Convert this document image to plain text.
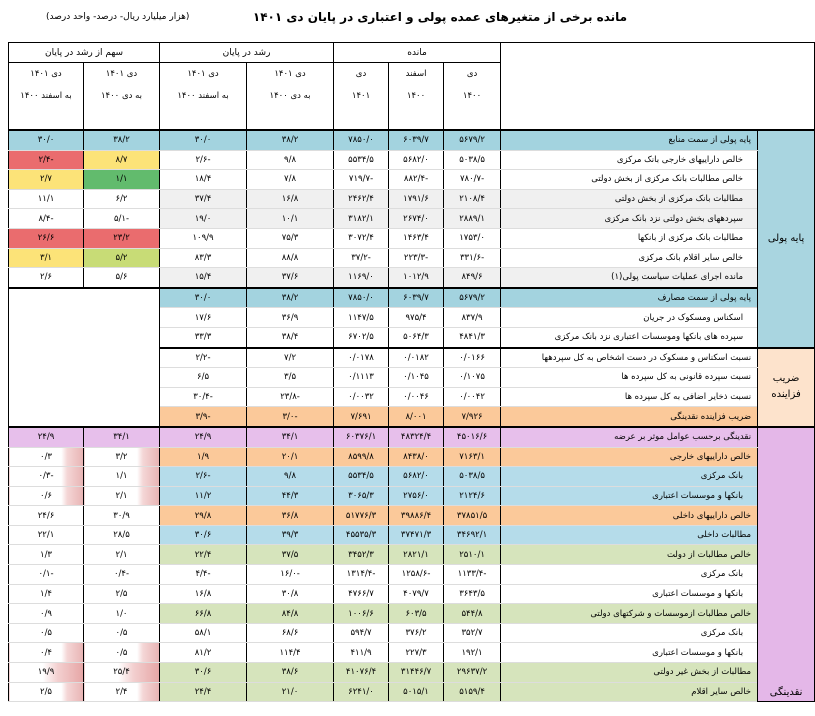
مانده برخی از متغیرهای عمده پولی و اعتباری در پایان دی ۱۴۰۱
(هزار میلیارد ریال- درصد- واحد درصد)
سهم از رشد در پایان		رشد در پایان		مانده				
دی ۱۴۰۱	دی ۱۴۰۱	دی ۱۴۰۱	دی ۱۴۰۱	دی	اسفند	دی		
به اسفند ۱۴۰۰	به دی ۱۴۰۰	به اسفند ۱۴۰۰	به دی ۱۴۰۰	۱۴۰۱	۱۴۰۰	۱۴۰۰		

۳۰/۰	۳۸/۲	۳۰/۰	۳۸/۲	۷۸۵۰/۰	۶۰۳۹/۷	۵۶۷۹/۲	پایه پولی از سمت منابع	پایه پولی
-۲/۴	۸/۷	-۲/۶	۹/۸	۵۵۳۴/۵	۵۶۸۲/۰	۵۰۳۸/۵	خالص داراییهای خارجی بانک مرکزی	
۲/۷	۱/۱	۱۸/۴	۷/۸	-۷۱۹/۷	-۸۸۲/۴	-۷۸۰/۷	خالص مطالبات بانک مرکزی از بخش دولتی	
۱۱/۱	۶/۲	۳۷/۴	۱۶/۸	۲۴۶۲/۴	۱۷۹۱/۶	۲۱۰۸/۴	مطالبات بانک مرکزی از بخش دولتی	
-۸/۴	-۵/۱	۱۹/۰	۱۰/۱	۳۱۸۲/۱	۲۶۷۴/۰	۲۸۸۹/۱	سپردههای بخش دولتی نزد بانک مرکزی	
۲۶/۶	۲۳/۲	۱۰۹/۹	۷۵/۳	۳۰۷۲/۴	۱۴۶۳/۴	۱۷۵۳/۰	مطالبات بانک مرکزی از بانکها	
۳/۱	۵/۲	۸۳/۳	۸۸/۸	-۳۷/۲	-۲۲۳/۳	-۳۳۱/۶	خالص سایر اقلام بانک مرکزی	
۲/۶	۵/۶	۱۵/۴	۳۷/۶	۱۱۶۹/۰	۱۰۱۲/۹	۸۴۹/۶	مانده اجرای عملیات سیاست پولی(۱)	
		۳۰/۰	۳۸/۲	۷۸۵۰/۰	۶۰۳۹/۷	۵۶۷۹/۲	پایه پولی از سمت مصارف	
		۱۷/۶	۳۶/۹	۱۱۴۷/۵	۹۷۵/۴	۸۳۷/۹	اسکناس ومسکوک در جریان	
		۳۳/۳	۳۸/۴	۶۷۰۲/۵	۵۰۶۴/۳	۴۸۴۱/۳	سپرده های بانکها وموسسات اعتباری نزد بانک مرکزی	
		-۲/۲	۷/۲	۰/۰۱۷۸	۰/۰۱۸۲	۰/۰۱۶۶	نسبت اسکناس و مسکوک در دست اشخاص به کل سپردهها	ضریب فزاینده
		۶/۵	۳/۵	۰/۱۱۱۳	۰/۱۰۴۵	۰/۱۰۷۵	نسبت سپرده قانونی به کل سپرده ها	
		-۳۰/۴	-۲۳/۸	۰/۰۰۳۲	۰/۰۰۴۶	۰/۰۰۴۲	نسبت ذخایر اضافی به کل سپرده ها	
		-۳/۹	-۳/۰	۷/۶۹۱	۸/۰۰۱	۷/۹۲۶	ضریب فزاینده نقدینگی	
۲۴/۹	۳۴/۱	۲۴/۹	۳۴/۱	۶۰۳۷۶/۱	۴۸۳۲۴/۴	۴۵۰۱۶/۶	نقدینگی برحسب عوامل موثر بر عرضه	نقدینگی
۰/۳	۳/۲	۱/۹	۲۰/۱	۸۵۹۹/۸	۸۴۳۸/۰	۷۱۶۳/۱	خالص داراییهای خارجی	
-۰/۳	۱/۱	-۲/۶	۹/۸	۵۵۳۴/۵	۵۶۸۲/۰	۵۰۳۸/۵	بانک مرکزی	
۰/۶	۲/۱	۱۱/۲	۴۴/۳	۳۰۶۵/۳	۲۷۵۶/۰	۲۱۲۴/۶	بانکها و موسسات اعتباری	
۲۴/۶	۳۰/۹	۲۹/۸	۳۶/۸	۵۱۷۷۶/۳	۳۹۸۸۶/۴	۳۷۸۵۱/۵	خالص داراییهای داخلی	
۲۲/۱	۲۸/۵	۳۰/۶	۳۹/۳	۴۵۵۳۵/۳	۳۷۴۷۱/۳	۳۴۶۹۲/۱	مطالبات داخلی	
۱/۳	۲/۱	۲۲/۴	۳۷/۵	۳۴۵۲/۳	۲۸۲۱/۱	۲۵۱۰/۱	خالص مطالبات از دولت	
-۰/۱	-۰/۴	-۴/۴	-۱۶/۰	-۱۳۱۴/۴	-۱۲۵۸/۶	-۱۱۳۳/۴	بانک مرکزی	
۱/۴	۲/۵	۱۶/۸	۳۰/۸	۴۷۶۶/۷	۴۰۷۹/۷	۳۶۴۳/۵	بانکها و موسسات اعتباری	
۰/۹	۱/۰	۶۶/۸	۸۴/۸	۱۰۰۶/۶	۶۰۳/۵	۵۴۴/۸	خالص مطالبات ازموسسات و شرکتهای دولتی	
۰/۵	۰/۵	۵۸/۱	۶۸/۶	۵۹۴/۷	۳۷۶/۲	۳۵۲/۷	بانک مرکزی	
۰/۴	۰/۵	۸۱/۲	۱۱۴/۴	۴۱۱/۹	۲۲۷/۳	۱۹۲/۱	بانکها و موسسات اعتباری	
۱۹/۹	۲۵/۴	۳۰/۶	۳۸/۶	۴۱۰۷۶/۴	۳۱۴۴۶/۷	۲۹۶۳۷/۲	مطالبات از بخش غیر دولتی	
۲/۵	۲/۴	۲۴/۴	۲۱/۰	۶۲۴۱/۰	۵۰۱۵/۱	۵۱۵۹/۴	خالص سایر اقلام	
